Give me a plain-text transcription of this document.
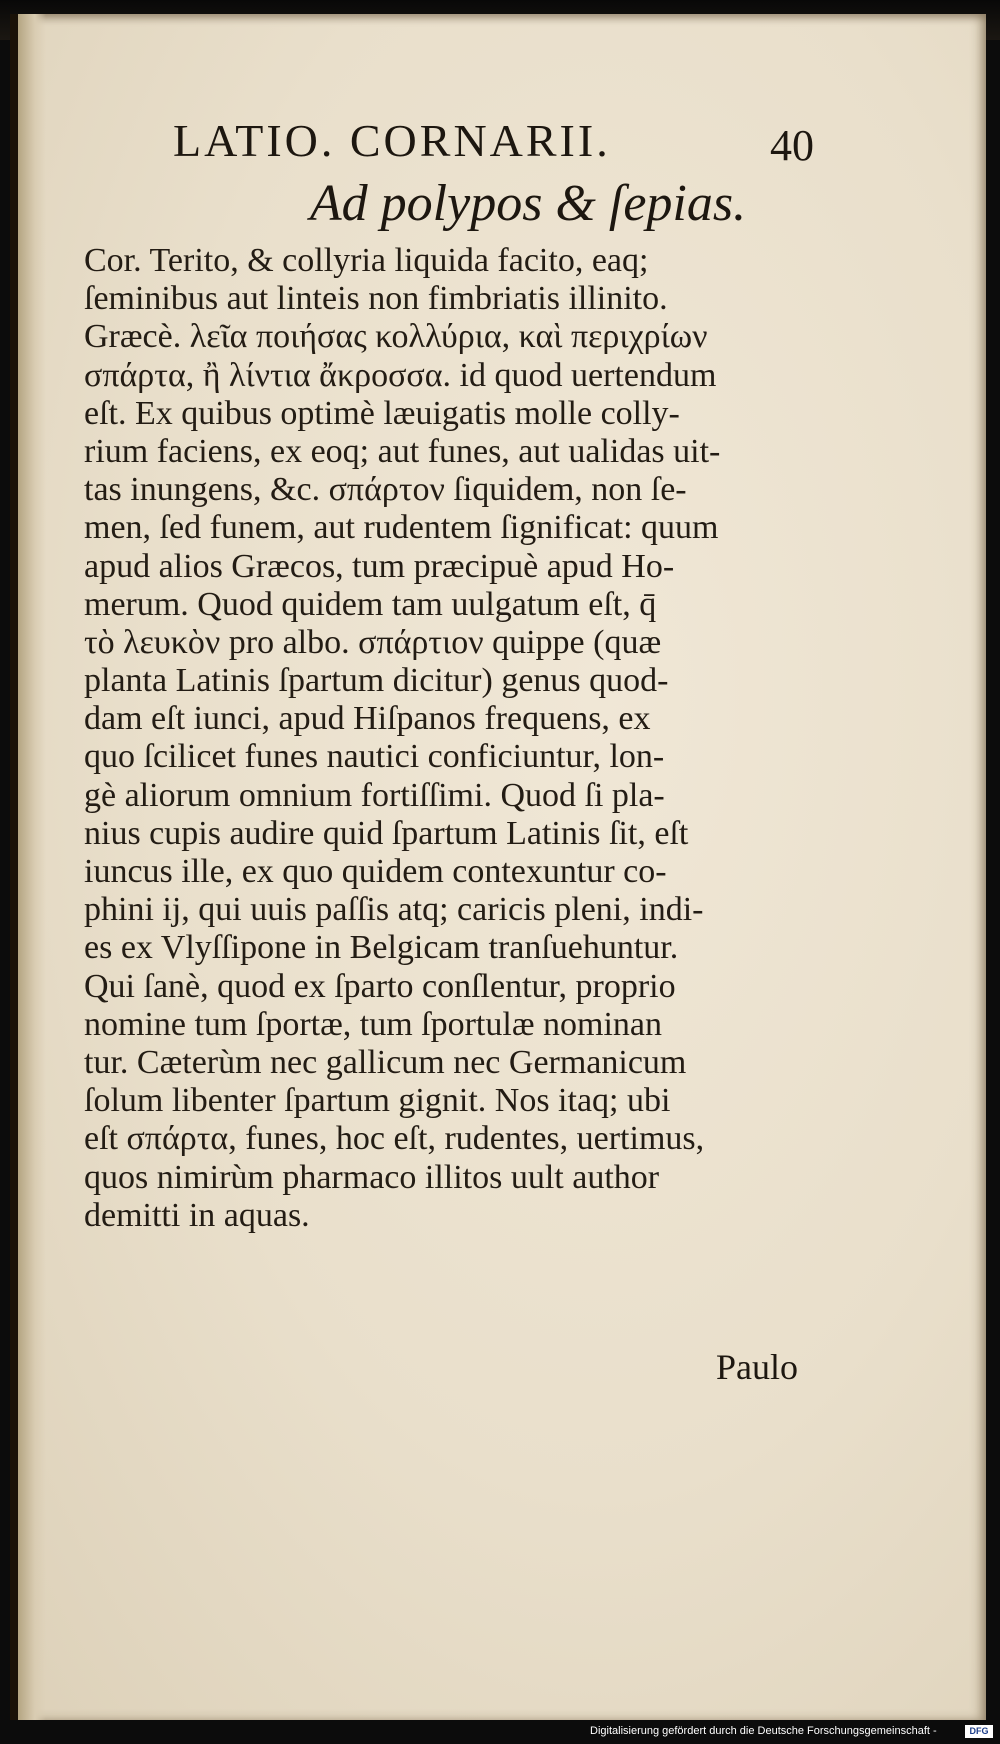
LATIO. CORNARII.	40
Ad polypos & ſepias.
Cor. Terito, & collyria liquida facito, eaq;
ſeminibus aut linteis non fimbriatis illinito.
Græcè. λεῖα ποιήσας κολλύρια, καὶ περιχρίων
σπάρτα, ἢ λίντια ἄκροσσα. id quod uertendum
eſt. Ex quibus optimè læuigatis molle colly-
rium faciens, ex eoq; aut funes, aut ualidas uit-
tas inungens, &c. σπάρτον ſiquidem, non ſe-
men, ſed funem, aut rudentem ſignificat: quum
apud alios Græcos, tum præcipuè apud Ho-
merum. Quod quidem tam uulgatum eſt, q̄
τὸ λευκὸν pro albo. σπάρτιον quippe (quæ
planta Latinis ſpartum dicitur) genus quod-
dam eſt iunci, apud Hiſpanos frequens, ex
quo ſcilicet funes nautici conficiuntur, lon-
gè aliorum omnium fortiſſimi. Quod ſi pla-
nius cupis audire quid ſpartum Latinis ſit, eſt
iuncus ille, ex quo quidem contexuntur co-
phini ij, qui uuis paſſis atq; caricis pleni, indi-
es ex Vlyſſipone in Belgicam tranſuehuntur.
Qui ſanè, quod ex ſparto conſlentur, proprio
nomine tum ſportæ, tum ſportulæ nominan
tur. Cæterùm nec gallicum nec Germanicum
ſolum libenter ſpartum gignit. Nos itaq; ubi
eſt σπάρτα, funes, hoc eſt, rudentes, uertimus,
quos nimirùm pharmaco illitos uult author
demitti in aquas.
Paulo
Digitalisierung gefördert durch die Deutsche Forschungsgemeinschaft -	DFG
